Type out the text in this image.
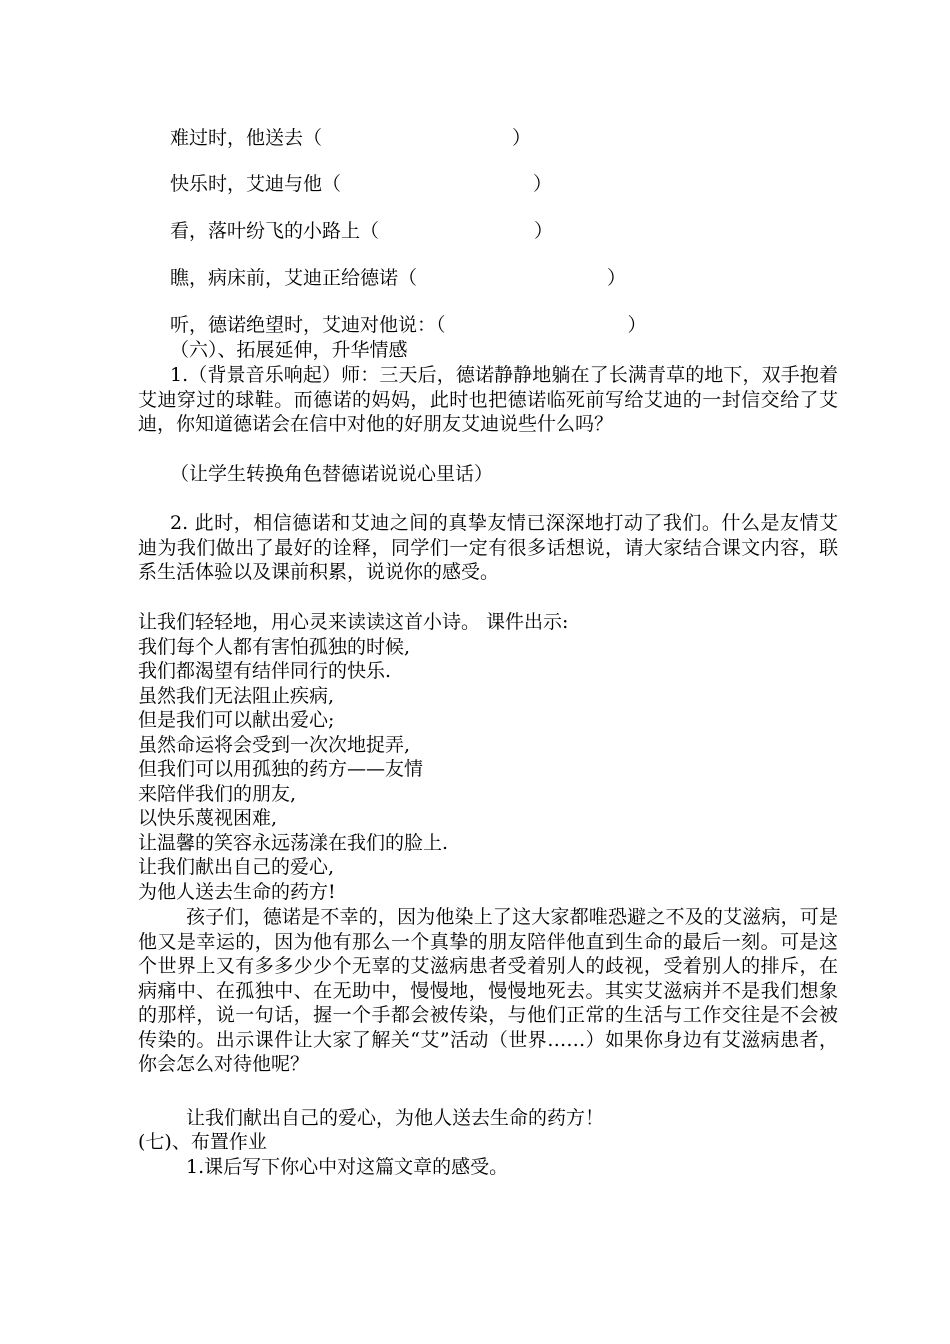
难过时，他送去（	）
快乐时，艾迪与他（	）
看，落叶纷飞的小路上（	）
瞧，病床前，艾迪正给德诺（	）
听，德诺绝望时，艾迪对他说：（	）
（六）、拓展延伸，升华情感
1.（背景音乐响起）师：三天后，德诺静静地躺在了长满青草的地下，双手抱着艾迪穿过的球鞋。而德诺的妈妈，此时也把德诺临死前写给艾迪的一封信交给了艾迪，你知道德诺会在信中对他的好朋友艾迪说些什么吗？
（让学生转换角色替德诺说说心里话）
2. 此时，相信德诺和艾迪之间的真挚友情已深深地打动了我们。什么是友情艾迪为我们做出了最好的诠释，同学们一定有很多话想说，请大家结合课文内容，联系生活体验以及课前积累，说说你的感受。
让我们轻轻地，用心灵来读读这首小诗。 课件出示:
我们每个人都有害怕孤独的时候,
我们都渴望有结伴同行的快乐.
虽然我们无法阻止疾病,
但是我们可以献出爱心;
虽然命运将会受到一次次地捉弄,
但我们可以用孤独的药方——友情
来陪伴我们的朋友,
以快乐蔑视困难,
让温馨的笑容永远荡漾在我们的脸上.
让我们献出自己的爱心,
为他人送去生命的药方!
孩子们，德诺是不幸的，因为他染上了这大家都唯恐避之不及的艾滋病，可是他又是幸运的，因为他有那么一个真挚的朋友陪伴他直到生命的最后一刻。可是这个世界上又有多多少少个无辜的艾滋病患者受着别人的歧视，受着别人的排斥，在病痛中、在孤独中、在无助中，慢慢地，慢慢地死去。其实艾滋病并不是我们想象的那样，说一句话，握一个手都会被传染，与他们正常的生活与工作交往是不会被传染的。出示课件让大家了解关“艾”活动（世界……）如果你身边有艾滋病患者，你会怎么对待他呢？
让我们献出自己的爱心，为他人送去生命的药方！
(七)、布置作业
1.课后写下你心中对这篇文章的感受。
